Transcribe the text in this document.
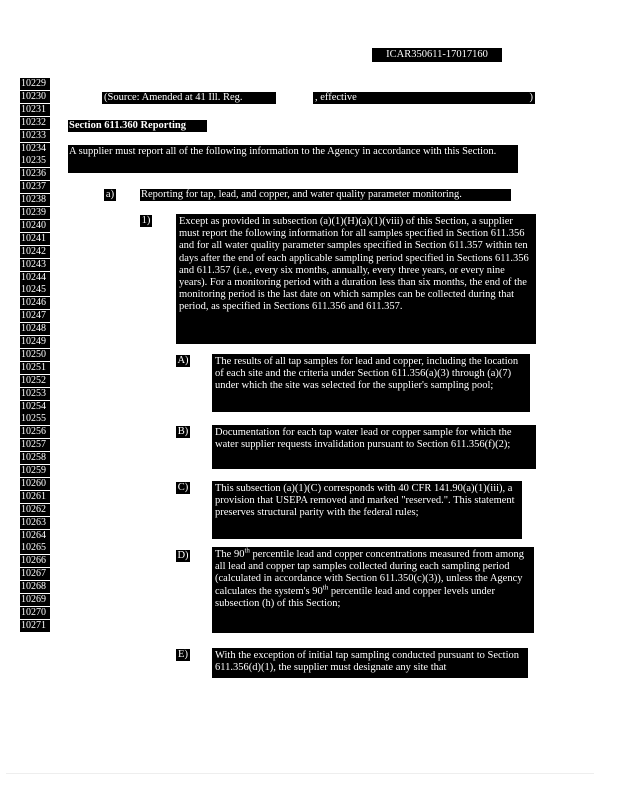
ICAR350611-17017160
10229
10230
10231
10232
10233
10234
10235
10236
10237
10238
10239
10240
10241
10242
10243
10244
10245
10246
10247
10248
10249
10250
10251
10252
10253
10254
10255
10256
10257
10258
10259
10260
10261
10262
10263
10264
10265
10266
10267
10268
10269
10270
10271
(Source: Amended at 41 Ill. Reg.	, effective	)
Section 611.360 Reporting
A supplier must report all of the following information to the Agency in accordance with this Section.
a)	Reporting for tap, lead, and copper, and water quality parameter monitoring.
1)	Except as provided in subsection (a)(1)(H)(a)(1)(viii) of this Section, a supplier must report the following information for all samples specified in Section 611.356 and for all water quality parameter samples specified in Section 611.357 within ten days after the end of each applicable sampling period specified in Sections 611.356 and 611.357 (i.e., every six months, annually, every three years, or every nine years). For a monitoring period with a duration less than six months, the end of the monitoring period is the last date on which samples can be collected during that period, as specified in Sections 611.356 and 611.357.
A)	The results of all tap samples for lead and copper, including the location of each site and the criteria under Section 611.356(a)(3) through (a)(7) under which the site was selected for the supplier's sampling pool;
B)	Documentation for each tap water lead or copper sample for which the water supplier requests invalidation pursuant to Section 611.356(f)(2);
C)	This subsection (a)(1)(C) corresponds with 40 CFR 141.90(a)(1)(iii), a provision that USEPA removed and marked "reserved.". This statement preserves structural parity with the federal rules;
D)	The 90th percentile lead and copper concentrations measured from among all lead and copper tap samples collected during each sampling period (calculated in accordance with Section 611.350(c)(3)), unless the Agency calculates the system's 90th percentile lead and copper levels under subsection (h) of this Section;
E)	With the exception of initial tap sampling conducted pursuant to Section 611.356(d)(1), the supplier must designate any site that
